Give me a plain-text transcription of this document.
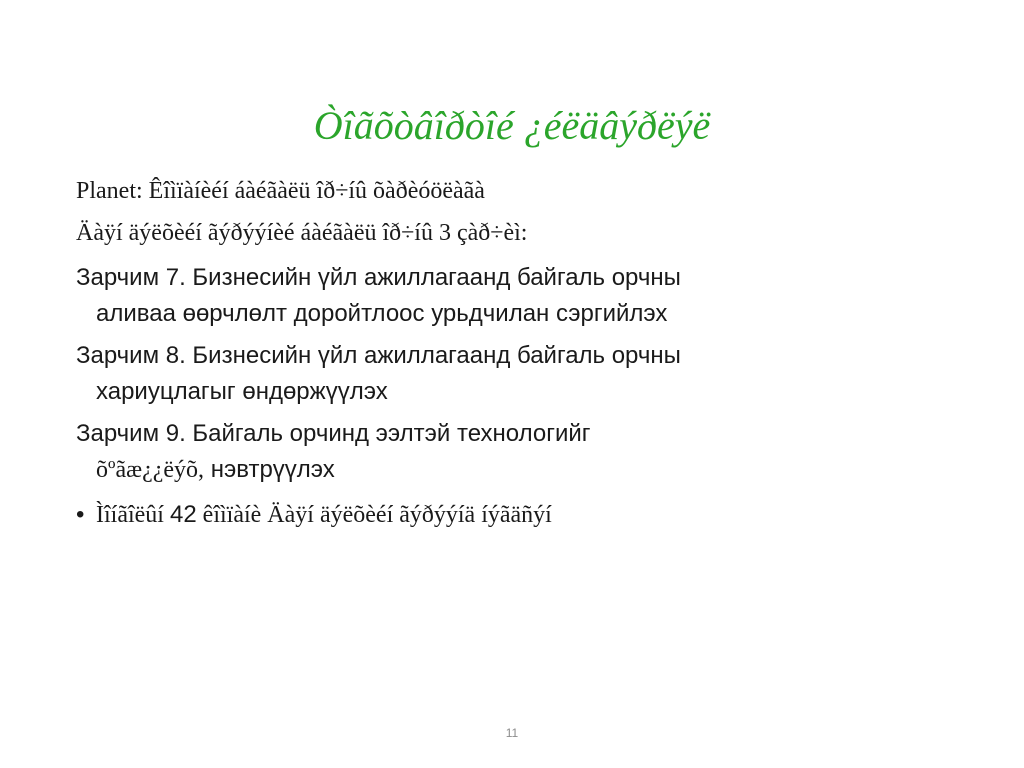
Òîãõòâîðòîé ¿éëäâýðëýë

Planet: Êîìïàíèéí áàéãàëü îð÷íû õàðèóöëàãà

Äàÿí äýëõèéí ãýðýýíèé áàéãàëü îð÷íû 3 çàð÷èì:

Зарчим 7. Бизнесийн үйл ажиллагаанд байгаль орчны
аливаа өөрчлөлт доройтлоос урьдчилан сэргийлэх
Зарчим 8. Бизнесийн үйл ажиллагаанд байгаль орчны
хариуцлагыг өндөржүүлэх
Зарчим 9. Байгаль орчинд ээлтэй технологийг
õºãæ¿¿ëýõ, нэвтрүүлэх
• Ìîíãîëûí 42 êîìïàíè Äàÿí äýëõèéí ãýðýýíä íýãäñýí
11
